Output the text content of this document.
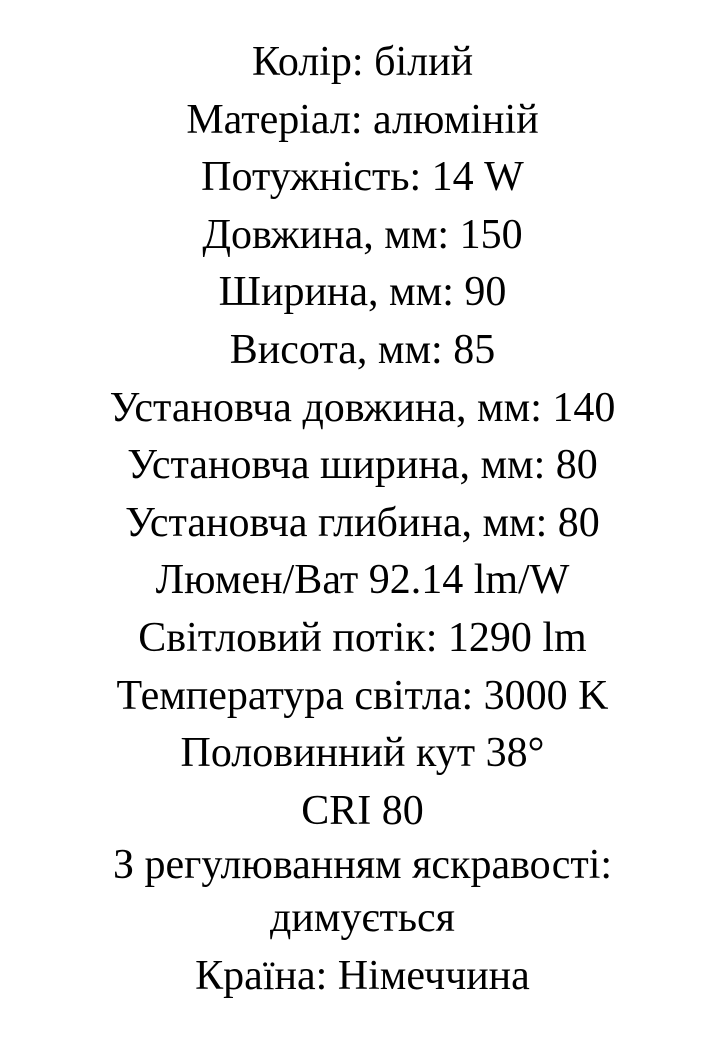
Колір: білий
Матеріал: алюміній
Потужність: 14 W
Довжина, мм: 150
Ширина, мм: 90
Висота, мм: 85
Установча довжина, мм: 140
Установча ширина, мм: 80
Установча глибина, мм: 80
Люмен/Ват 92.14 lm/W
Світловий потік: 1290 lm
Температура світла: 3000 K
Половинний кут 38°
CRI 80
З регулюванням яскравості:
димується
Країна: Німеччина
